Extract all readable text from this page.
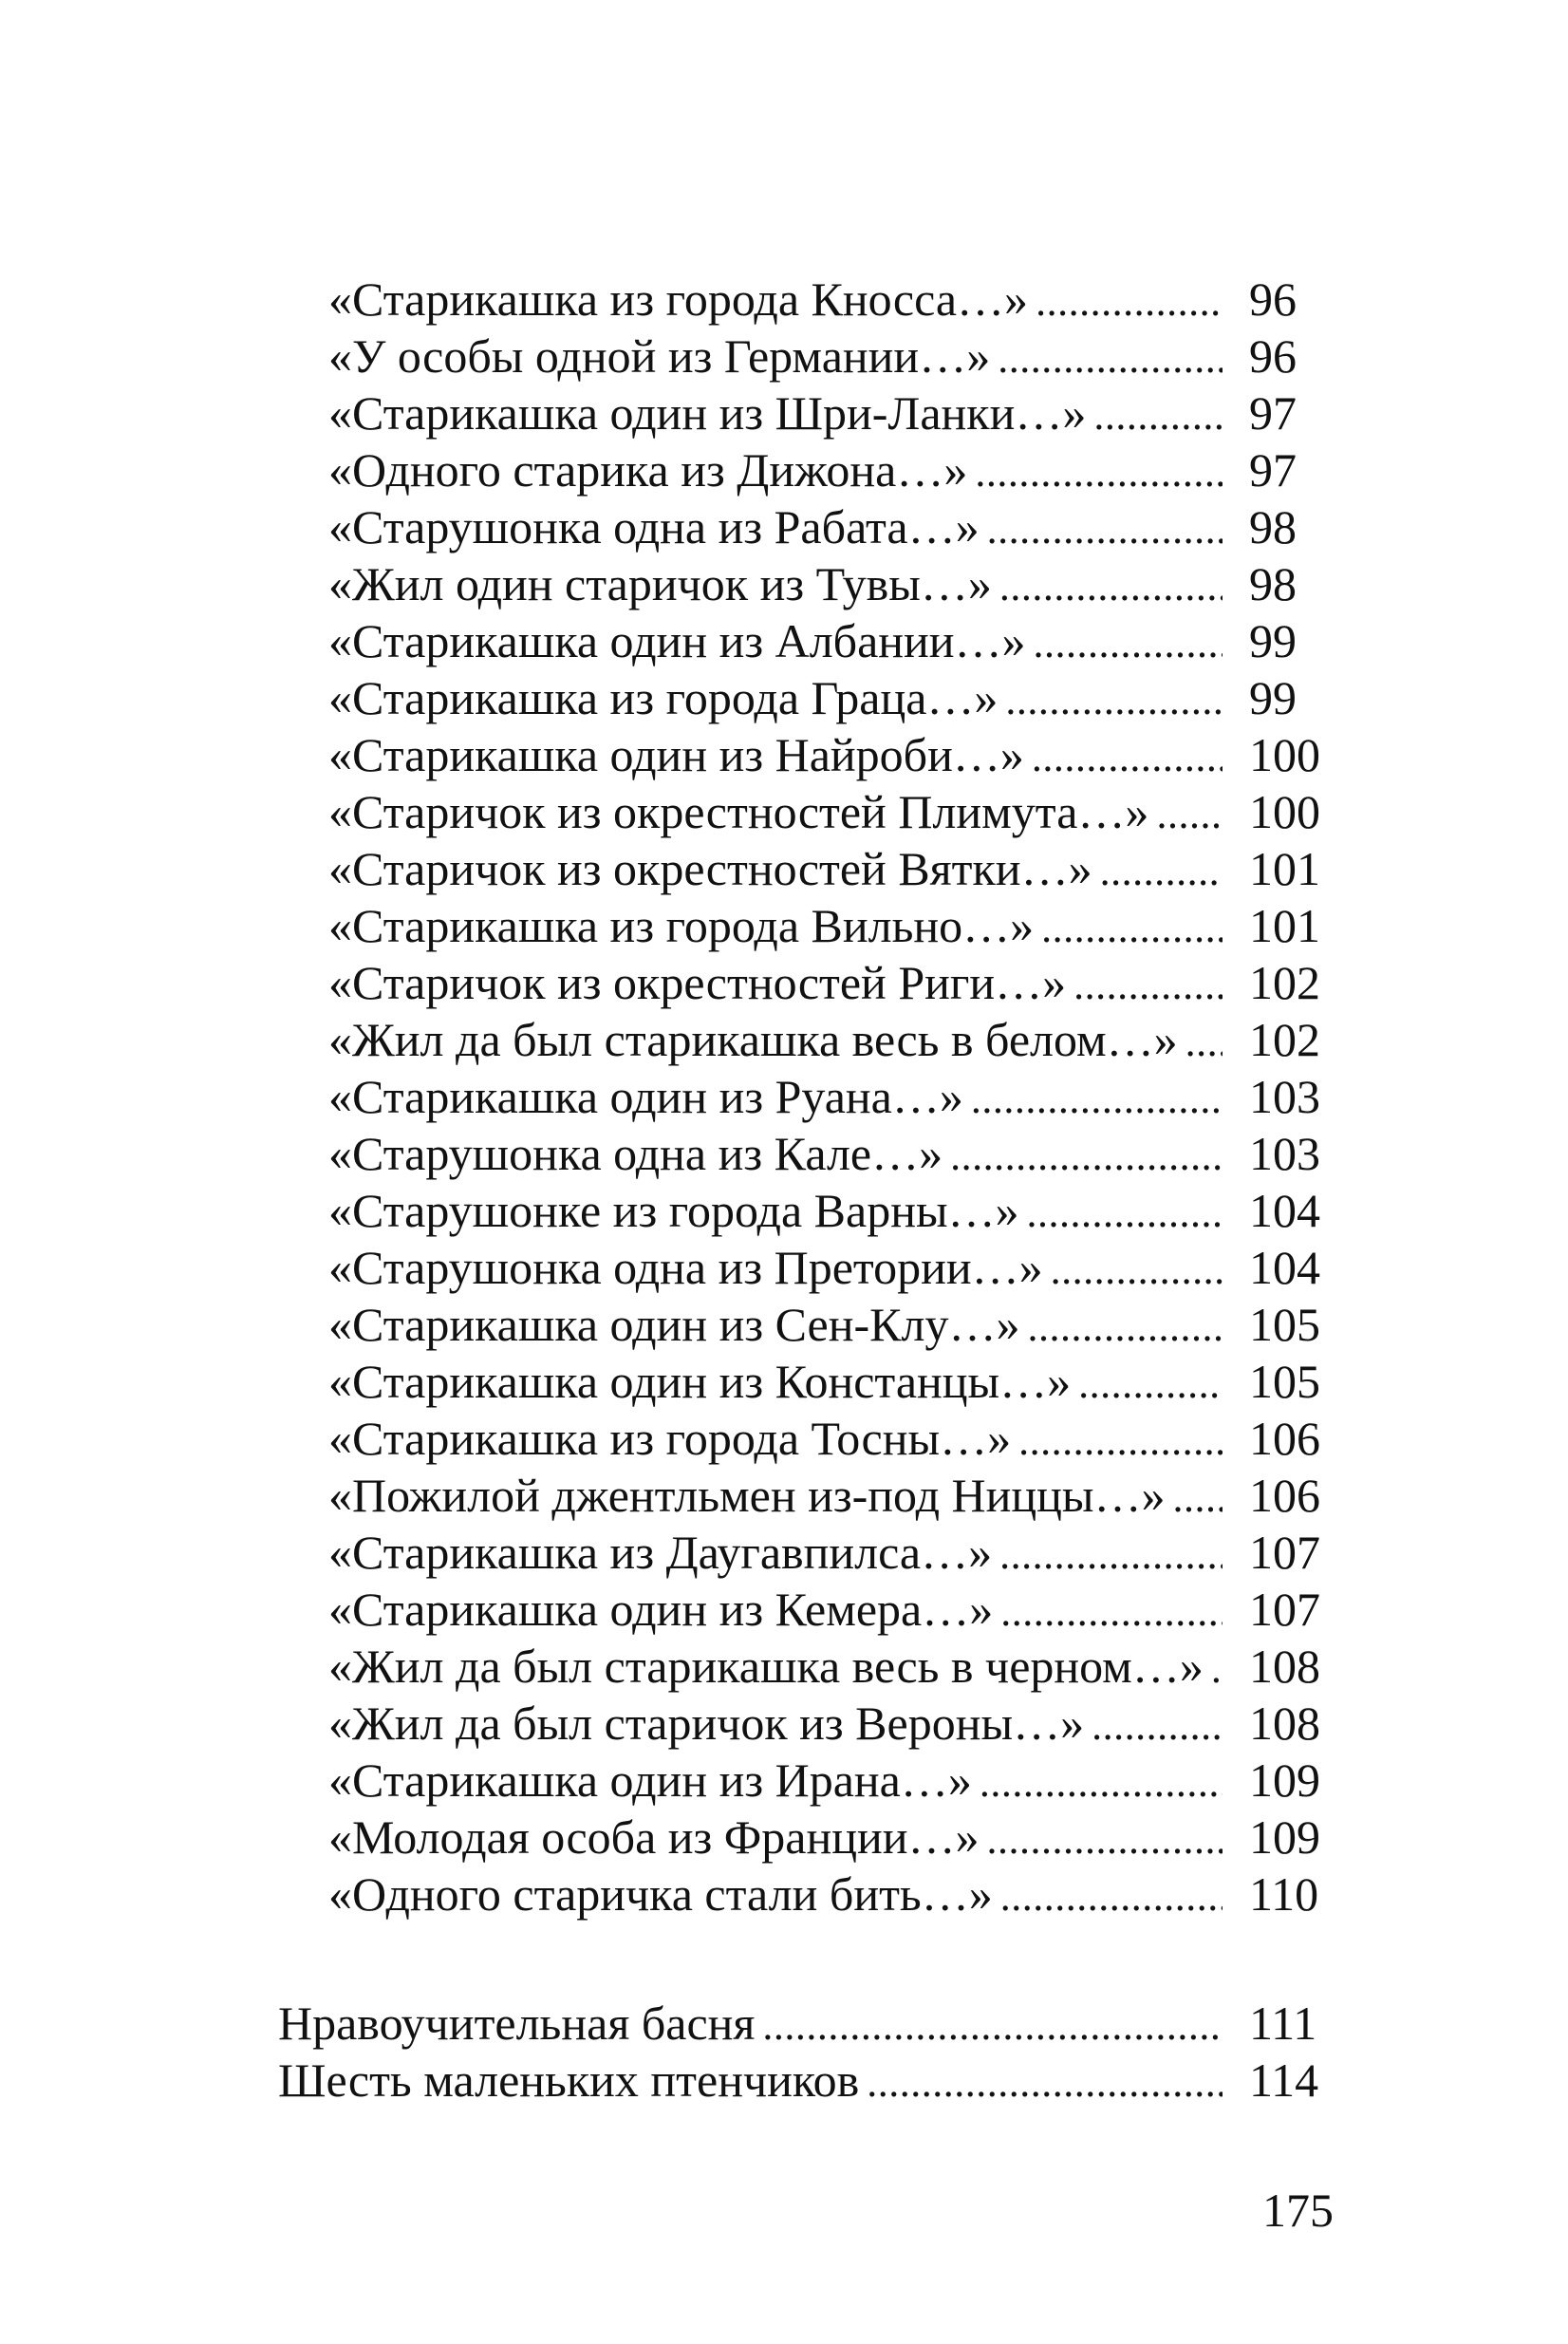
«Старикашка из города Кносса…» .....	96
«У особы одной из Германии…» .....	96
«Старикашка один из Шри-Ланки…» .....	97
«Одного старика из Дижона…» .....	97
«Старушонка одна из Рабата…» .....	98
«Жил один старичок из Тувы…» .....	98
«Старикашка один из Албании…» .....	99
«Старикашка из города Граца…» .....	99
«Старикашка один из Найроби…» .....	100
«Старичок из окрестностей Плимута…» ..... 100
«Старичок из окрестностей Вятки…» .....	101
«Старикашка из города Вильно…» .....	101
«Старичок из окрестностей Риги…» .....	102
«Жил да был старикашка весь в белом…» ..... 102
«Старикашка один из Руана…» .....	103
«Старушонка одна из Кале…» .....	103
«Старушонке из города Варны…» .....	104
«Старушонка одна из Претории…» .....	104
«Старикашка один из Сен-Клу…» .....	105
«Старикашка один из Констанцы…» .....	105
«Старикашка из города Тосны…» .....	106
«Пожилой джентльмен из-под Ниццы…» ..... 106
«Старикашка из Даугавпилса…» .....	107
«Старикашка один из Кемера…» .....	107
«Жил да был старикашка весь в черном…» ..... 108
«Жил да был старичок из Вероны…» .....	108
«Старикашка один из Ирана…» .....	109
«Молодая особа из Франции…» .....	109
«Одного старичка стали бить…» .....	110
Нравоучительная басня .....	111
Шесть маленьких птенчиков .....	114
175
